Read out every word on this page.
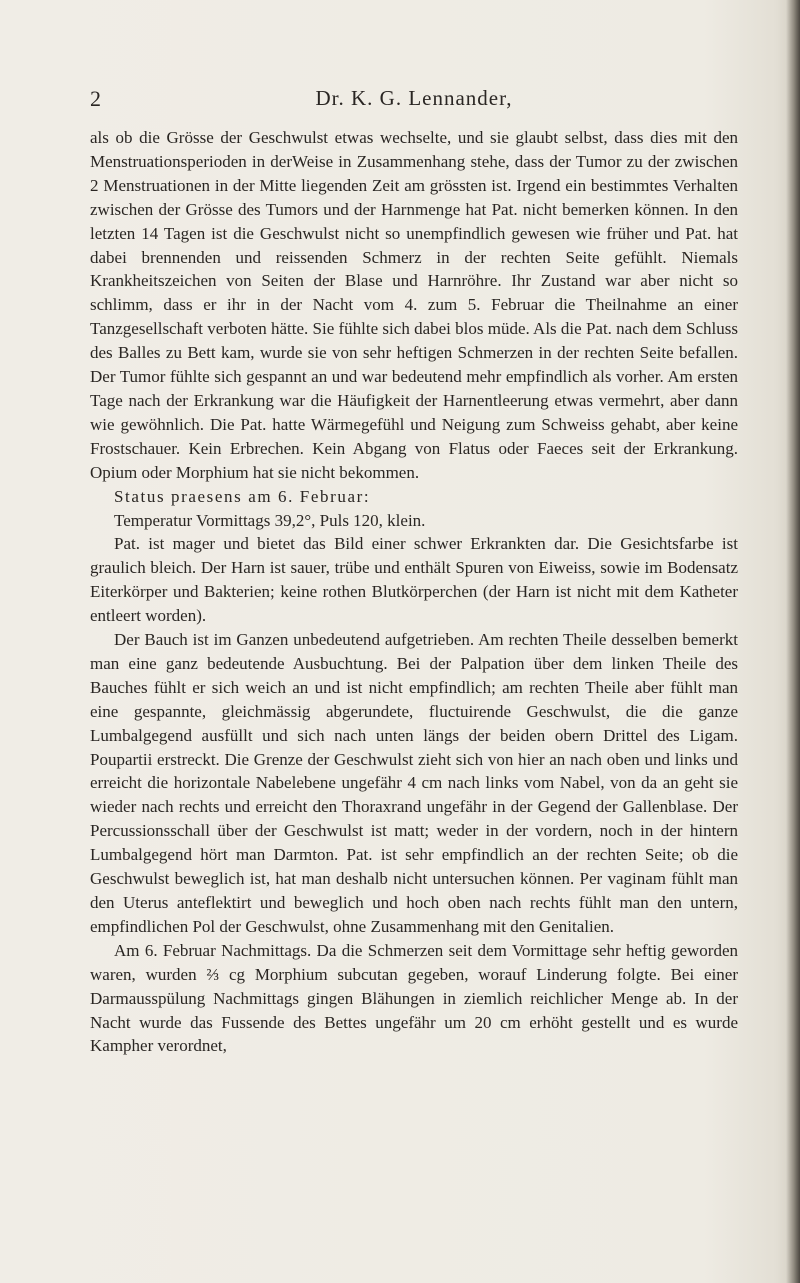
2	Dr. K. G. Lennander,

als ob die Grösse der Geschwulst etwas wechselte, und sie glaubt selbst, dass dies mit den Menstruationsperioden in derWeise in Zusammenhang stehe, dass der Tumor zu der zwischen 2 Menstruationen in der Mitte liegenden Zeit am grössten ist. Irgend ein bestimmtes Verhalten zwischen der Grösse des Tumors und der Harnmenge hat Pat. nicht bemerken können. In den letzten 14 Tagen ist die Geschwulst nicht so unempfindlich gewesen wie früher und Pat. hat dabei brennenden und reissenden Schmerz in der rechten Seite gefühlt. Niemals Krankheitszeichen von Seiten der Blase und Harnröhre. Ihr Zustand war aber nicht so schlimm, dass er ihr in der Nacht vom 4. zum 5. Februar die Theilnahme an einer Tanzgesellschaft verboten hätte. Sie fühlte sich dabei blos müde. Als die Pat. nach dem Schluss des Balles zu Bett kam, wurde sie von sehr heftigen Schmerzen in der rechten Seite befallen. Der Tumor fühlte sich gespannt an und war bedeutend mehr empfindlich als vorher. Am ersten Tage nach der Erkrankung war die Häufigkeit der Harnentleerung etwas vermehrt, aber dann wie gewöhnlich. Die Pat. hatte Wärmegefühl und Neigung zum Schweiss gehabt, aber keine Frostschauer. Kein Erbrechen. Kein Abgang von Flatus oder Faeces seit der Erkrankung. Opium oder Morphium hat sie nicht bekommen.

Status praesens am 6. Februar:

Temperatur Vormittags 39,2°, Puls 120, klein.

Pat. ist mager und bietet das Bild einer schwer Erkrankten dar. Die Gesichtsfarbe ist graulich bleich. Der Harn ist sauer, trübe und enthält Spuren von Eiweiss, sowie im Bodensatz Eiterkörper und Bakterien; keine rothen Blutkörperchen (der Harn ist nicht mit dem Katheter entleert worden).

Der Bauch ist im Ganzen unbedeutend aufgetrieben. Am rechten Theile desselben bemerkt man eine ganz bedeutende Ausbuchtung. Bei der Palpation über dem linken Theile des Bauches fühlt er sich weich an und ist nicht empfindlich; am rechten Theile aber fühlt man eine gespannte, gleichmässig abgerundete, fluctuirende Geschwulst, die die ganze Lumbalgegend ausfüllt und sich nach unten längs der beiden obern Drittel des Ligam. Poupartii erstreckt. Die Grenze der Geschwulst zieht sich von hier an nach oben und links und erreicht die horizontale Nabelebene ungefähr 4 cm nach links vom Nabel, von da an geht sie wieder nach rechts und erreicht den Thoraxrand ungefähr in der Gegend der Gallenblase. Der Percussionsschall über der Geschwulst ist matt; weder in der vordern, noch in der hintern Lumbalgegend hört man Darmton. Pat. ist sehr empfindlich an der rechten Seite; ob die Geschwulst beweglich ist, hat man deshalb nicht untersuchen können. Per vaginam fühlt man den Uterus anteflektirt und beweglich und hoch oben nach rechts fühlt man den untern, empfindlichen Pol der Geschwulst, ohne Zusammenhang mit den Genitalien.

Am 6. Februar Nachmittags. Da die Schmerzen seit dem Vormittage sehr heftig geworden waren, wurden ⅔ cg Morphium subcutan gegeben, worauf Linderung folgte. Bei einer Darmausspülung Nachmittags gingen Blähungen in ziemlich reichlicher Menge ab. In der Nacht wurde das Fussende des Bettes ungefähr um 20 cm erhöht gestellt und es wurde Kampher verordnet,
